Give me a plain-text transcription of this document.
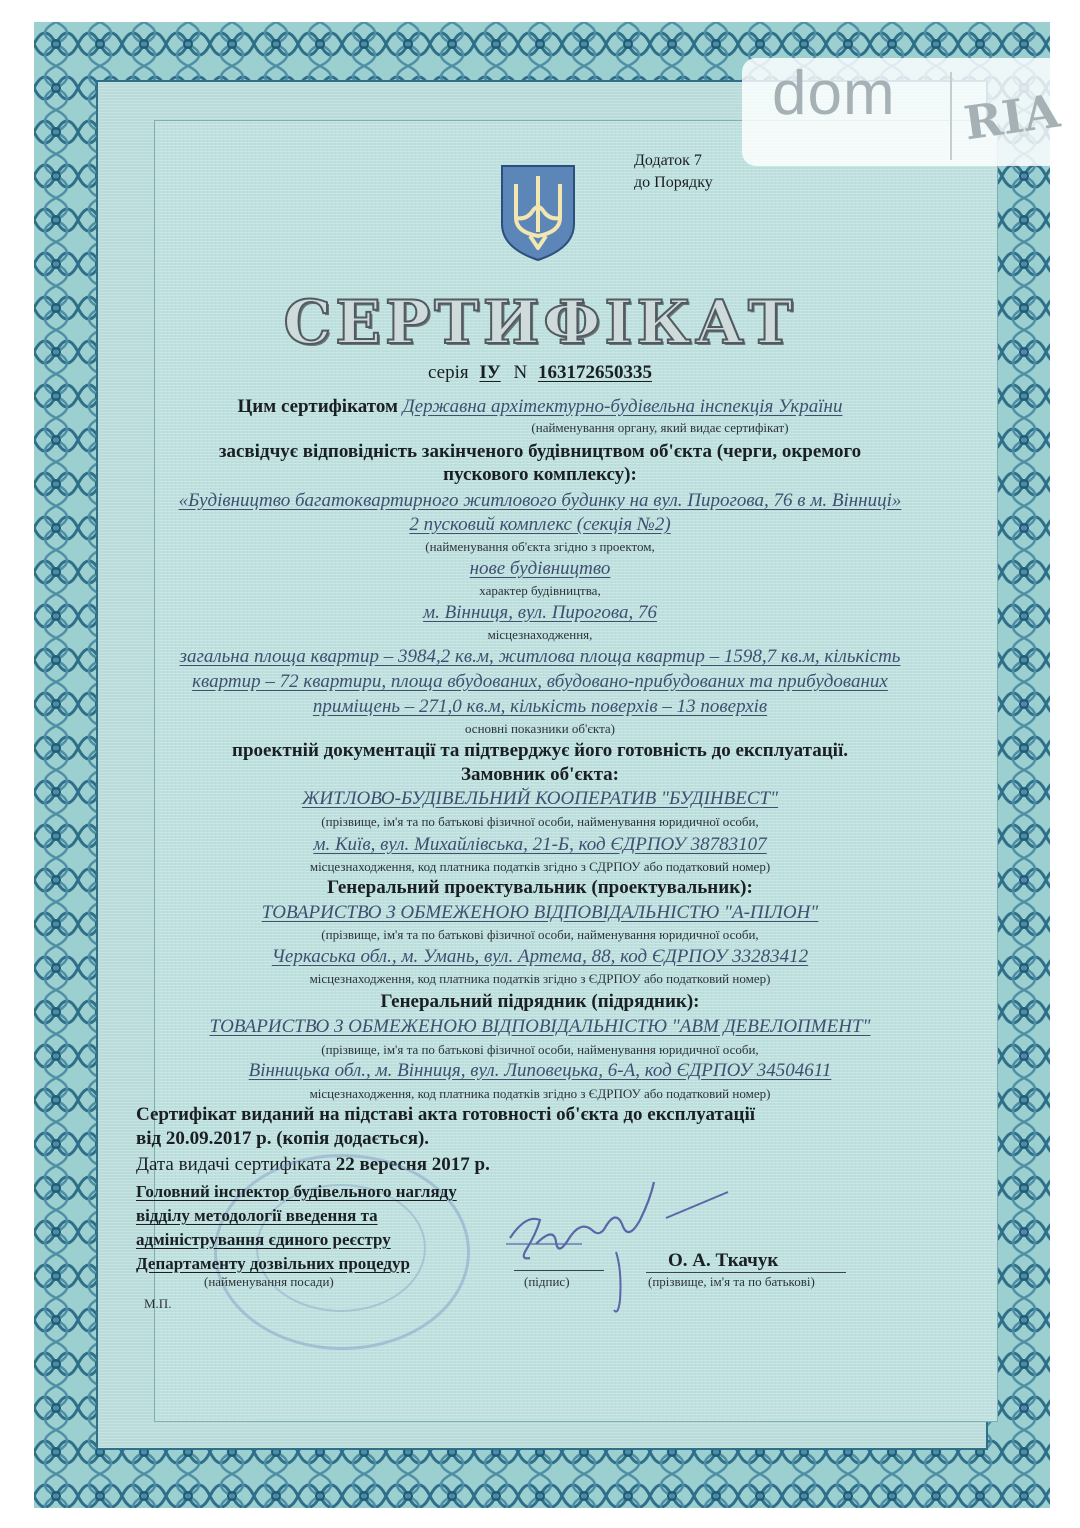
dom RIA
Додаток 7
до Порядку
СЕРТИФІКАТ
серія ІУ N 163172650335
Цим сертифікатом Державна архітектурно-будівельна інспекція України
(найменування органу, який видає сертифікат)
засвідчує відповідність закінченого будівництвом об'єкта (черги, окремого
пускового комплексу):
«Будівництво багатоквартирного житлового будинку на вул. Пирогова, 76 в м. Вінниці»
2 пусковий комплекс (секція №2)
(найменування об'єкта згідно з проектом,
нове будівництво
характер будівництва,
м. Вінниця, вул. Пирогова, 76
місцезнаходження,
загальна площа квартир – 3984,2 кв.м, житлова площа квартир – 1598,7 кв.м, кількість
квартир – 72 квартири, площа вбудованих, вбудовано-прибудованих та прибудованих
приміщень – 271,0 кв.м, кількість поверхів – 13 поверхів
основні показники об'єкта)
проектній документації та підтверджує його готовність до експлуатації.
Замовник об'єкта:
ЖИТЛОВО-БУДІВЕЛЬНИЙ КООПЕРАТИВ "БУДІНВЕСТ"
(прізвище, ім'я та по батькові фізичної особи, найменування юридичної особи,
м. Київ, вул. Михайлівська, 21-Б, код ЄДРПОУ 38783107
місцезнаходження, код платника податків згідно з СДРПОУ або податковий номер)
Генеральний проектувальник (проектувальник):
ТОВАРИСТВО З ОБМЕЖЕНОЮ ВІДПОВІДАЛЬНІСТЮ "А-ПІЛОН"
(прізвище, ім'я та по батькові фізичної особи, найменування юридичної особи,
Черкаська обл., м. Умань, вул. Артема, 88, код ЄДРПОУ 33283412
місцезнаходження, код платника податків згідно з ЄДРПОУ або податковий номер)
Генеральний підрядник (підрядник):
ТОВАРИСТВО З ОБМЕЖЕНОЮ ВІДПОВІДАЛЬНІСТЮ "АВМ ДЕВЕЛОПМЕНТ"
(прізвище, ім'я та по батькові фізичної особи, найменування юридичної особи,
Вінницька обл., м. Вінниця, вул. Липовецька, 6-А, код ЄДРПОУ 34504611
місцезнаходження, код платника податків згідно з ЄДРПОУ або податковий номер)
Сертифікат виданий на підставі акта готовності об'єкта до експлуатації
від 20.09.2017 р. (копія додається).
Дата видачі сертифіката 22 вересня 2017 р.
Головний інспектор будівельного нагляду
відділу методології введення та
адміністрування єдиного реєстру
Департаменту дозвільних процедур
(найменування посади)	(підпис)
О. А. Ткачук
(прізвище, ім'я та по батькові)
М.П.
